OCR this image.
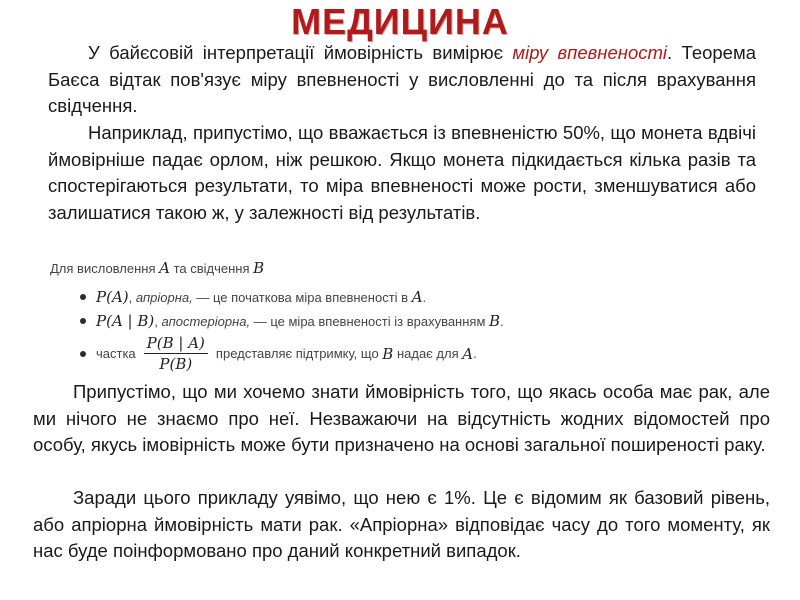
МЕДИЦИНА

У байєсовій інтерпретації ймовірність вимірює міру впевненості. Теорема Баєса відтак пов'язує міру впевненості у висловленні до та після врахування свідчення.

Наприклад, припустімо, що вважається із впевненістю 50%, що монета вдвічі ймовірніше падає орлом, ніж решкою. Якщо монета підкидається кілька разів та спостерігаються результати, то міра впевненості може рости, зменшуватися або залишатися такою ж, у залежності від результатів.

Для висловлення A та свідчення B
P(A) ,
апріорна,
— це початкова міра впевненості в
A .
P(A | B) ,
апостеріорна,
— це міра впевненості із врахуванням
B .
частка $\frac{P(B | A)}{P(B)}$ представляє підтримку, що
B
надає для
A .

Припустімо, що ми хочемо знати ймовірність того, що якась особа має рак, але ми нічого не знаємо про неї. Незважаючи на відсутність жодних відомостей про особу, якусь імовірність може бути призначено на основі загальної поширеності раку.

Заради цього прикладу уявімо, що нею є 1%. Це є відомим як базовий рівень, або апріорна ймовірність мати рак. «Апріорна» відповідає часу до того моменту, як нас буде поінформовано про даний конкретний випадок.
